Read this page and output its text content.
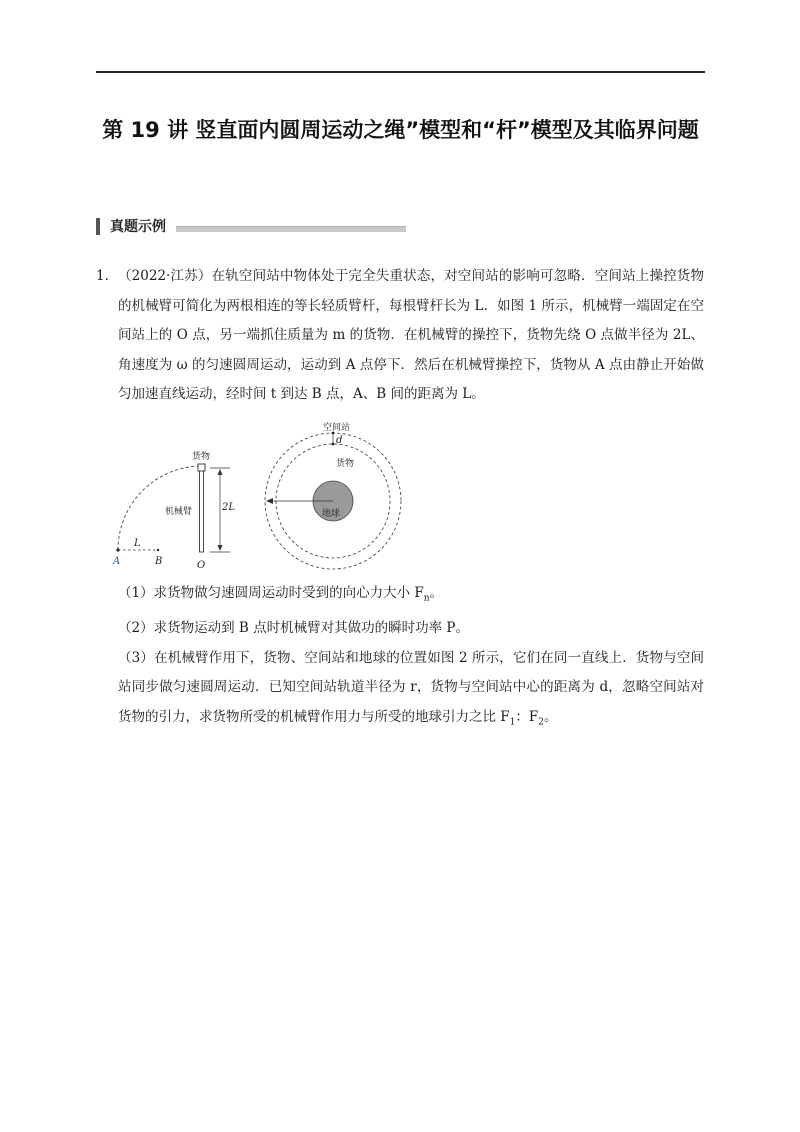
第 19 讲 竖直面内圆周运动之绳”模型和“杆”模型及其临界问题
真题示例
1． （2022·江苏）在轨空间站中物体处于完全失重状态，对空间站的影响可忽略．空间站上操控货物的机械臂可简化为两根相连的等长轻质臂杆，每根臂杆长为 L．如图 1 所示，机械臂一端固定在空间站上的 O 点，另一端抓住质量为 m 的货物．在机械臂的操控下，货物先绕 O 点做半径为 2L、角速度为 ω 的匀速圆周运动，运动到 A 点停下．然后在机械臂操控下，货物从 A 点由静止开始做匀加速直线运动，经时间 t 到达 B 点，A、B 间的距离为 L。
货物
机械臂	2L
L
A	B	O
空间站
d
货物
地球

（1）求货物做匀速圆周运动时受到的向心力大小 $F_n$。

（2）求货物运动到 B 点时机械臂对其做功的瞬时功率 P。

（3）在机械臂作用下，货物、空间站和地球的位置如图 2 所示，它们在同一直线上．货物与空间站同步做匀速圆周运动．已知空间站轨道半径为 r，货物与空间站中心的距离为 d，忽略空间站对货物的引力，求货物所受的机械臂作用力与所受的地球引力之比 $F_1$：$F_2$。
